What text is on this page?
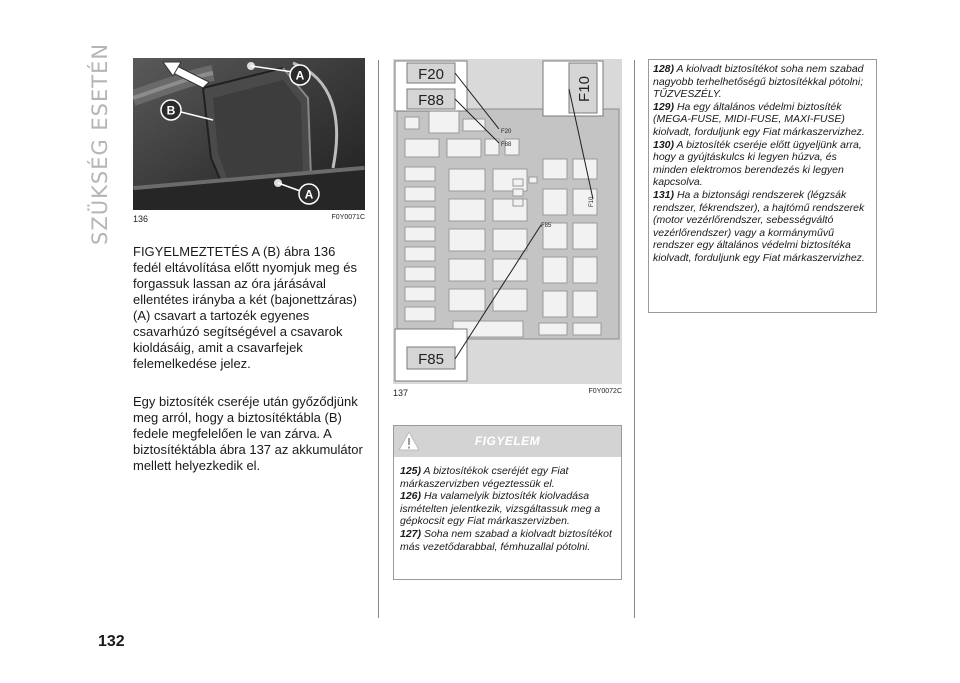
SZÜKSÉG ESETÉN	A
B
A
136	F0Y0071C
FIGYELMEZTETÉS A (B) ábra 136 fedél eltávolítása előtt nyomjuk meg és forgassuk lassan az óra járásával ellentétes irányba a két (bajonettzáras) (A) csavart a tartozék egyenes csavarhúzó segítségével a csavarok kioldásáig, amit a csavarfejek felemelkedése jelez.
Egy biztosíték cseréje után győződjünk meg arról, hogy a biztosítéktábla (B) fedele megfelelően le van zárva. A biztosítéktábla ábra 137 az akkumulátor mellett helyezkedik el.
F20
F88	F10
F85
F20
F88
F10
F85
137	F0Y0072C
FIGYELEM

125) A biztosítékok cseréjét egy Fiat márkaszervizben végeztessük el.

126) Ha valamelyik biztosíték kiolvadása ismételten jelentkezik, vizsgáltassuk meg a gépkocsit egy Fiat márkaszervizben.

127) Soha nem szabad a kiolvadt biztosítékot más vezetődarabbal, fémhuzallal pótolni.

128) A kiolvadt biztosítékot soha nem szabad nagyobb terhelhetőségű biztosítékkal pótolni; TŰZVESZÉLY.

129) Ha egy általános védelmi biztosíték (MEGA-FUSE, MIDI-FUSE, MAXI-FUSE) kiolvadt, forduljunk egy Fiat márkaszervizhez.

130) A biztosíték cseréje előtt ügyeljünk arra, hogy a gyújtáskulcs ki legyen húzva, és minden elektromos berendezés ki legyen kapcsolva.

131) Ha a biztonsági rendszerek (légzsák rendszer, fékrendszer), a hajtómű rendszerek (motor vezérlőrendszer, sebességváltó vezérlőrendszer) vagy a kormányművű rendszer egy általános védelmi biztosítéka kiolvadt, forduljunk egy Fiat márkaszervizhez.

132
